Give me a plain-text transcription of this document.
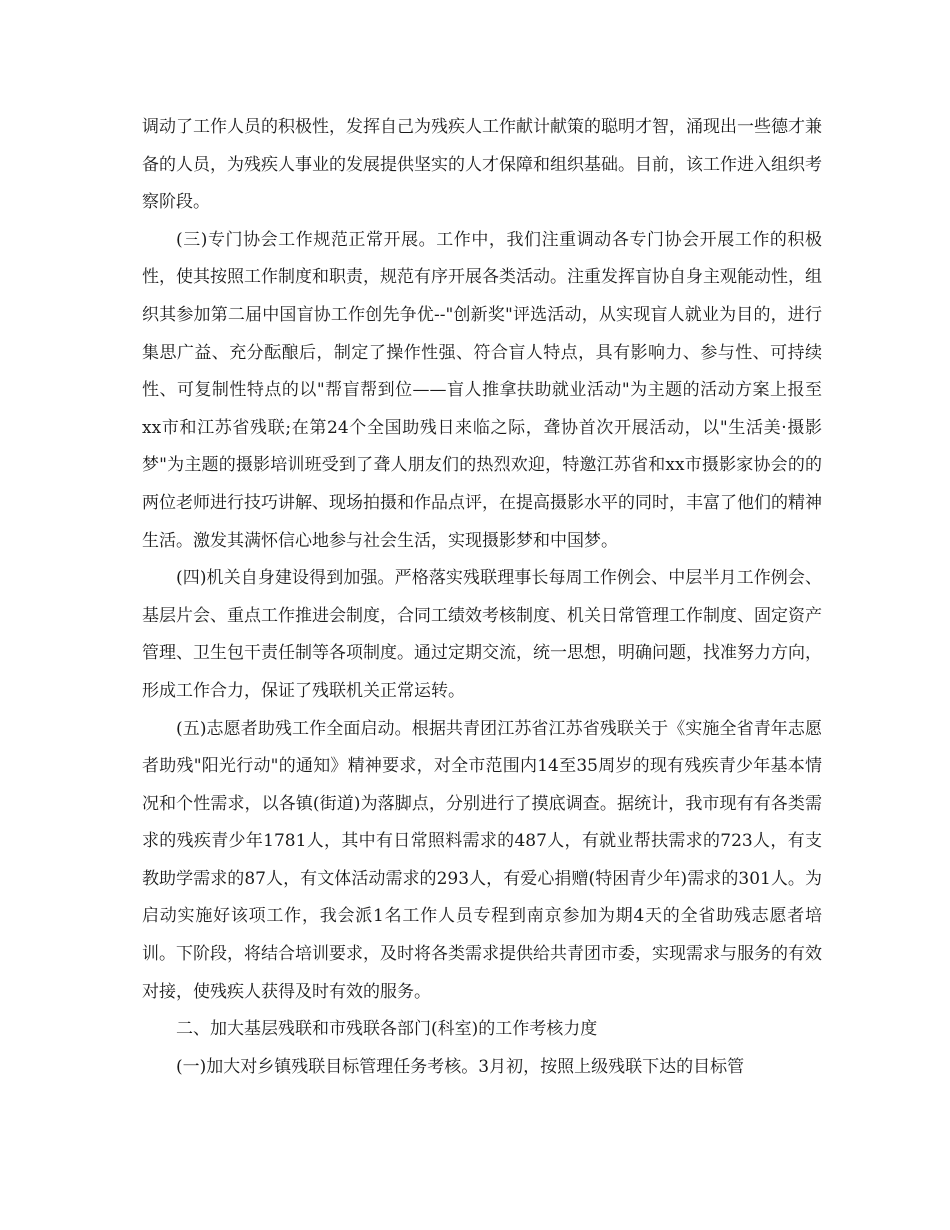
调动了工作人员的积极性，发挥自己为残疾人工作献计献策的聪明才智，涌现出一些德才兼备的人员，为残疾人事业的发展提供坚实的人才保障和组织基础。目前，该工作进入组织考察阶段。

(三)专门协会工作规范正常开展。工作中，我们注重调动各专门协会开展工作的积极性，使其按照工作制度和职责，规范有序开展各类活动。注重发挥盲协自身主观能动性，组织其参加第二届中国盲协工作创先争优--"创新奖"评选活动，从实现盲人就业为目的，进行集思广益、充分酝酿后，制定了操作性强、符合盲人特点，具有影响力、参与性、可持续性、可复制性特点的以"帮盲帮到位——盲人推拿扶助就业活动"为主题的活动方案上报至xx市和江苏省残联;在第24个全国助残日来临之际，聋协首次开展活动，以"生活美·摄影梦"为主题的摄影培训班受到了聋人朋友们的热烈欢迎，特邀江苏省和xx市摄影家协会的的两位老师进行技巧讲解、现场拍摄和作品点评，在提高摄影水平的同时，丰富了他们的精神生活。激发其满怀信心地参与社会生活，实现摄影梦和中国梦。

(四)机关自身建设得到加强。严格落实残联理事长每周工作例会、中层半月工作例会、基层片会、重点工作推进会制度，合同工绩效考核制度、机关日常管理工作制度、固定资产管理、卫生包干责任制等各项制度。通过定期交流，统一思想，明确问题，找准努力方向，形成工作合力，保证了残联机关正常运转。

(五)志愿者助残工作全面启动。根据共青团江苏省江苏省残联关于《实施全省青年志愿者助残"阳光行动"的通知》精神要求，对全市范围内14至35周岁的现有残疾青少年基本情况和个性需求，以各镇(街道)为落脚点，分别进行了摸底调查。据统计，我市现有有各类需求的残疾青少年1781人，其中有日常照料需求的487人，有就业帮扶需求的723人，有支教助学需求的87人，有文体活动需求的293人，有爱心捐赠(特困青少年)需求的301人。为启动实施好该项工作，我会派1名工作人员专程到南京参加为期4天的全省助残志愿者培训。下阶段，将结合培训要求，及时将各类需求提供给共青团市委，实现需求与服务的有效对接，使残疾人获得及时有效的服务。

二、加大基层残联和市残联各部门(科室)的工作考核力度

(一)加大对乡镇残联目标管理任务考核。3月初，按照上级残联下达的目标管
